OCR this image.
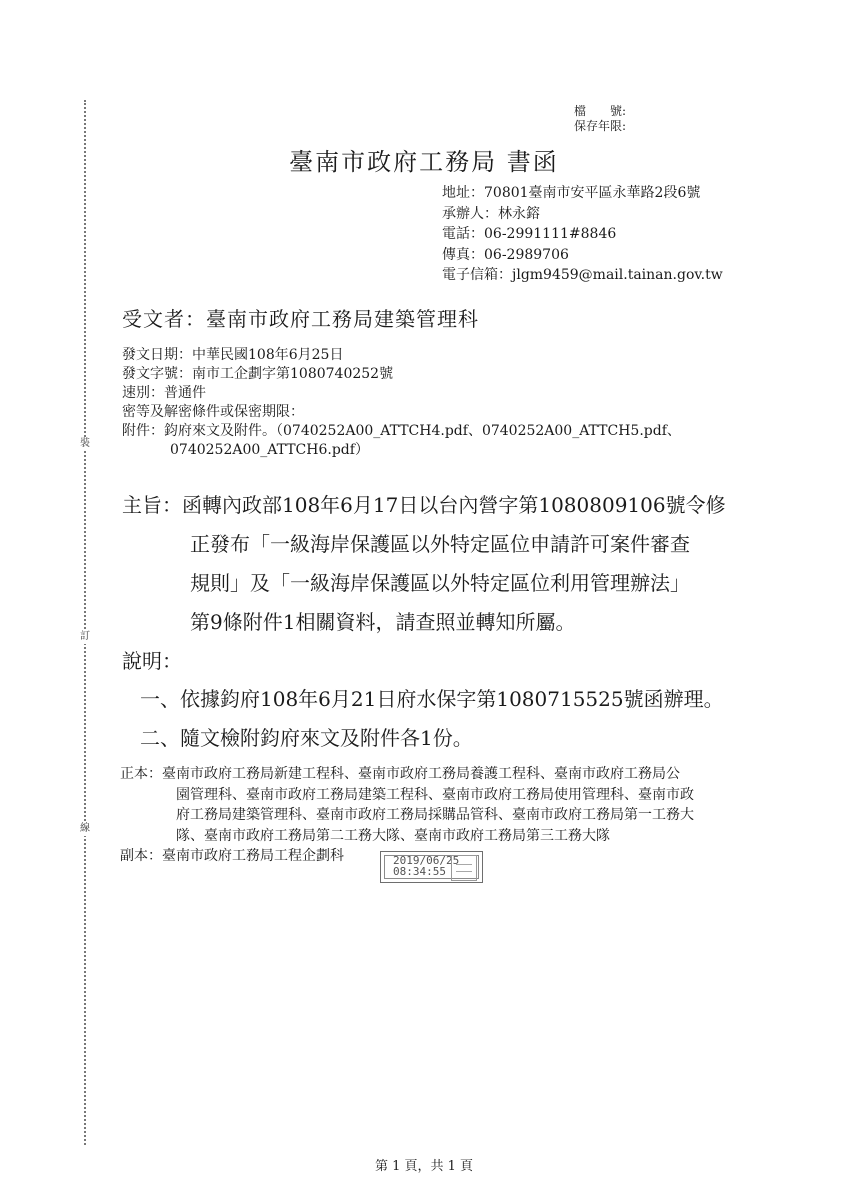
裝
訂
線
檔　　號:
保存年限:
臺南市政府工務局 書函
地址：70801臺南市安平區永華路2段6號
承辦人：林永鎔
電話：06-2991111#8846
傳真：06-2989706
電子信箱：jlgm9459@mail.tainan.gov.tw
受文者：臺南市政府工務局建築管理科
發文日期：中華民國108年6月25日
發文字號：南市工企劃字第1080740252號
速別：普通件
密等及解密條件或保密期限：
附件：鈞府來文及附件。（0740252A00_ATTCH4.pdf、0740252A00_ATTCH5.pdf、
0740252A00_ATTCH6.pdf）
主旨：函轉內政部108年6月17日以台內營字第1080809106號令修
正發布「一級海岸保護區以外特定區位申請許可案件審查
規則」及「一級海岸保護區以外特定區位利用管理辦法」
第9條附件1相關資料，請查照並轉知所屬。
說明：
一、依據鈞府108年6月21日府水保字第1080715525號函辦理。
二、隨文檢附鈞府來文及附件各1份。
正本：臺南市政府工務局新建工程科、臺南市政府工務局養護工程科、臺南市政府工務局公
園管理科、臺南市政府工務局建築工程科、臺南市政府工務局使用管理科、臺南市政
府工務局建築管理科、臺南市政府工務局採購品管科、臺南市政府工務局第一工務大
隊、臺南市政府工務局第二工務大隊、臺南市政府工務局第三工務大隊
副本：臺南市政府工務局工程企劃科	2019/06/25
08:34:55
第 1 頁，共 1 頁
